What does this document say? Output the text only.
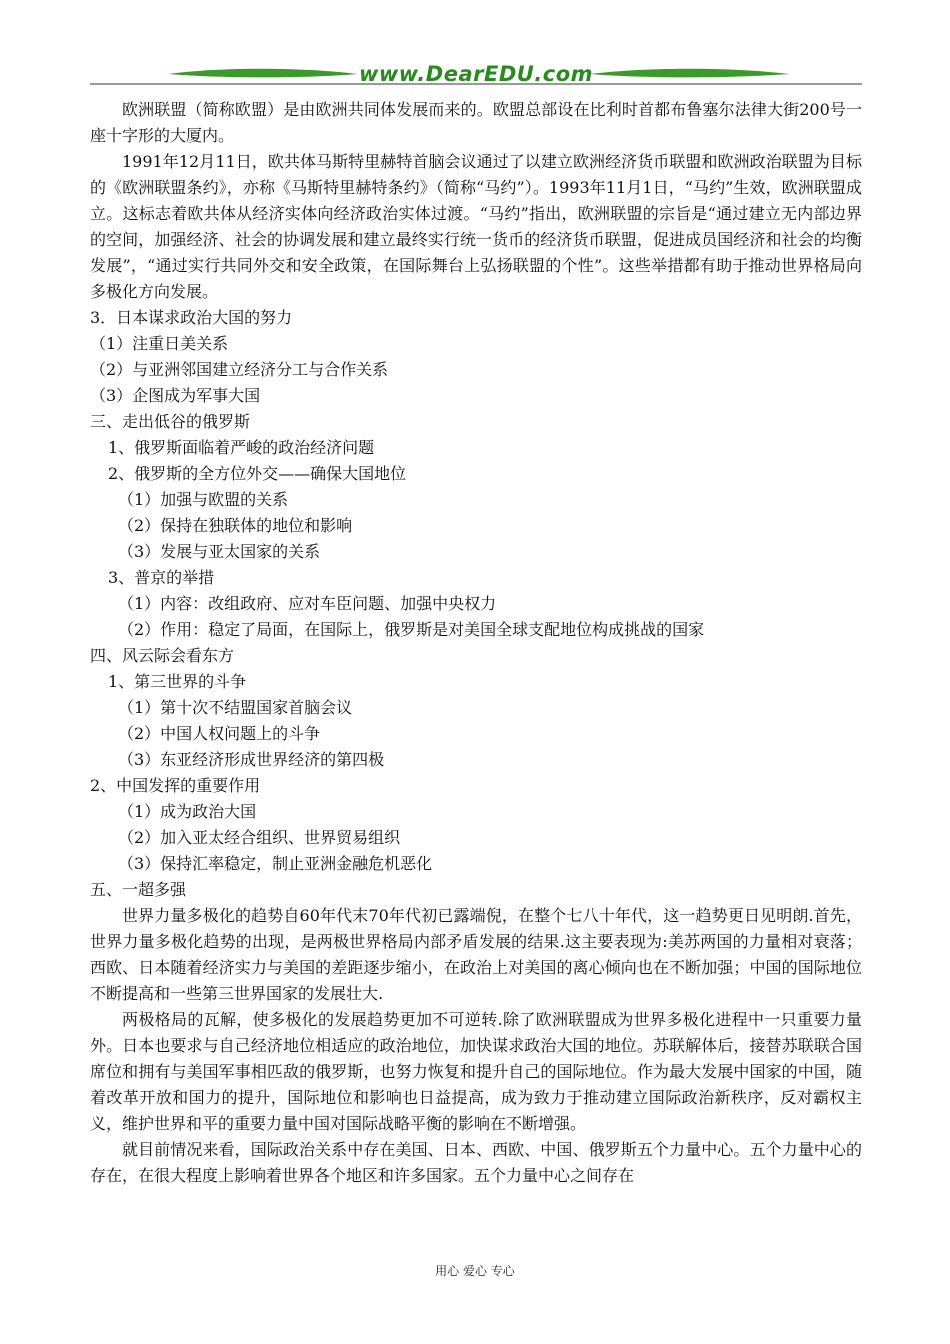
www.DearEDU.com

欧洲联盟（简称欧盟）是由欧洲共同体发展而来的。欧盟总部设在比利时首都布鲁塞尔法律大街200号一座十字形的大厦内。

1991年12月11日，欧共体马斯特里赫特首脑会议通过了以建立欧洲经济货币联盟和欧洲政治联盟为目标的《欧洲联盟条约》，亦称《马斯特里赫特条约》（简称“马约”）。1993年11月1日，“马约”生效，欧洲联盟成立。这标志着欧共体从经济实体向经济政治实体过渡。“马约”指出，欧洲联盟的宗旨是“通过建立无内部边界的空间，加强经济、社会的协调发展和建立最终实行统一货币的经济货币联盟，促进成员国经济和社会的均衡发展”，“通过实行共同外交和安全政策，在国际舞台上弘扬联盟的个性”。这些举措都有助于推动世界格局向多极化方向发展。

3．日本谋求政治大国的努力

（1）注重日美关系

（2）与亚洲邻国建立经济分工与合作关系

（3）企图成为军事大国

三、走出低谷的俄罗斯

1、俄罗斯面临着严峻的政治经济问题

2、俄罗斯的全方位外交——确保大国地位

（1）加强与欧盟的关系

（2）保持在独联体的地位和影响

（3）发展与亚太国家的关系

3、普京的举措

（1）内容：改组政府、应对车臣问题、加强中央权力

（2）作用：稳定了局面，在国际上，俄罗斯是对美国全球支配地位构成挑战的国家

四、风云际会看东方

1、第三世界的斗争

（1）第十次不结盟国家首脑会议

（2）中国人权问题上的斗争

（3）东亚经济形成世界经济的第四极

2、中国发挥的重要作用

（1）成为政治大国

（2）加入亚太经合组织、世界贸易组织

（3）保持汇率稳定，制止亚洲金融危机恶化

五、一超多强

世界力量多极化的趋势自60年代末70年代初已露端倪，在整个七八十年代，这一趋势更日见明朗.首先，世界力量多极化趋势的出现，是两极世界格局内部矛盾发展的结果.这主要表现为:美苏两国的力量相对衰落；西欧、日本随着经济实力与美国的差距逐步缩小，在政治上对美国的离心倾向也在不断加强；中国的国际地位不断提高和一些第三世界国家的发展壮大.

两极格局的瓦解，使多极化的发展趋势更加不可逆转.除了欧洲联盟成为世界多极化进程中一只重要力量外。日本也要求与自己经济地位相适应的政治地位，加快谋求政治大国的地位。苏联解体后，接替苏联联合国席位和拥有与美国军事相匹敌的俄罗斯，也努力恢复和提升自己的国际地位。作为最大发展中国家的中国，随着改革开放和国力的提升，国际地位和影响也日益提高，成为致力于推动建立国际政治新秩序，反对霸权主义，维护世界和平的重要力量中国对国际战略平衡的影响在不断增强。

就目前情况来看，国际政治关系中存在美国、日本、西欧、中国、俄罗斯五个力量中心。五个力量中心的存在，在很大程度上影响着世界各个地区和许多国家。五个力量中心之间存在

用心 爱心 专心
